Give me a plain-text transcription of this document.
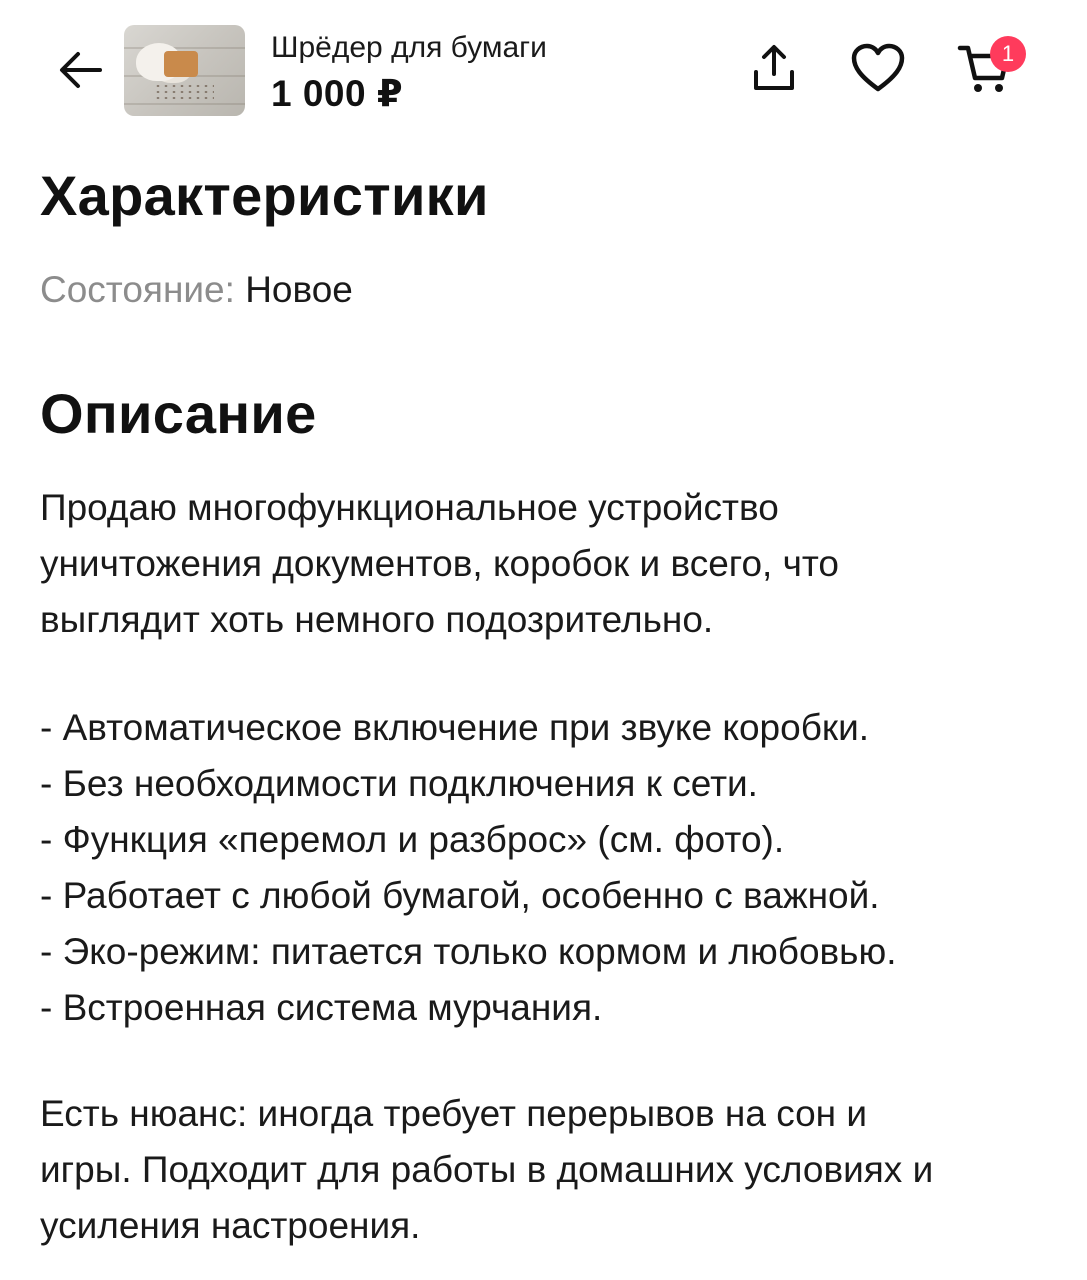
Шрёдер для бумаги
1 000 ₽
1
Характеристики
Состояние: Новое
Описание
Продаю многофункциональное устройство
уничтожения документов, коробок и всего, что
выглядит хоть немного подозрительно.
- Автоматическое включение при звуке коробки.
- Без необходимости подключения к сети.
- Функция «перемол и разброс» (см. фото).
- Работает с любой бумагой, особенно с важной.
- Эко-режим: питается только кормом и любовью.
- Встроенная система мурчания.
Есть нюанс: иногда требует перерывов на сон и
игры. Подходит для работы в домашних условиях и
усиления настроения.
